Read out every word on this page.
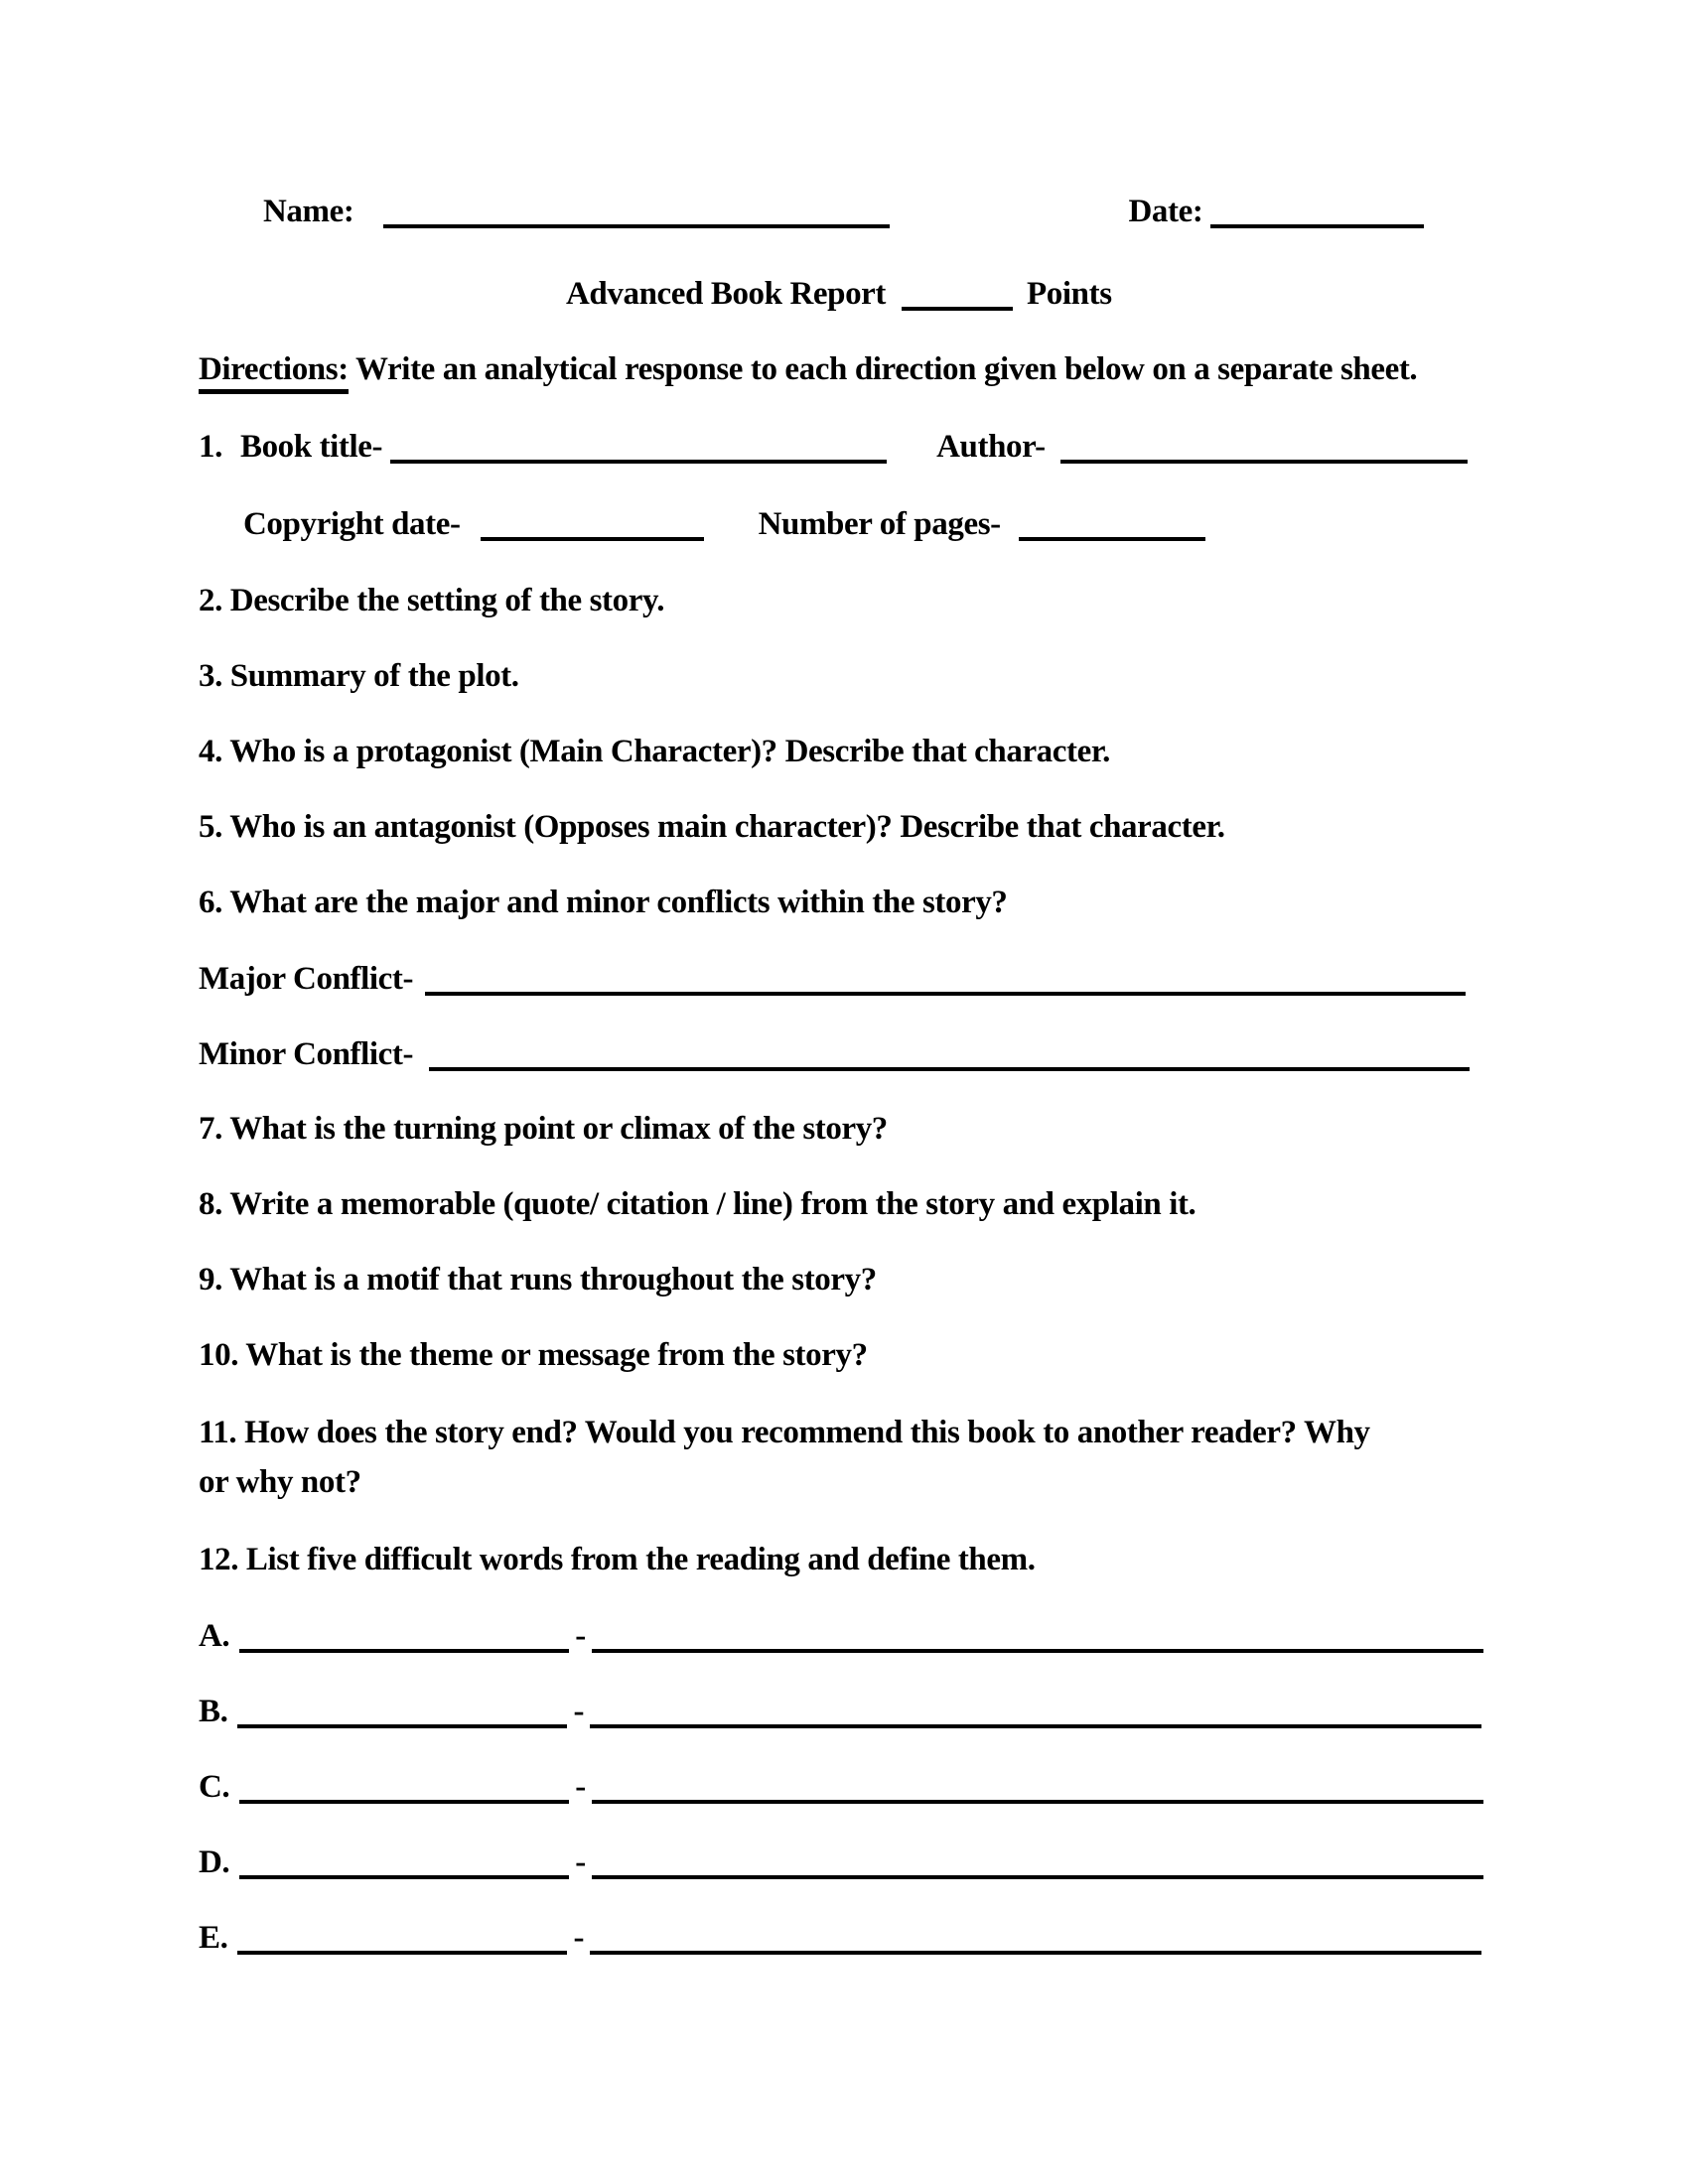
Name:	Date:
Advanced Book Report	Points
Directions: Write an analytical response to each direction given below on a separate sheet.
1. Book title-	Author-
Copyright date-	Number of pages-
2. Describe the setting of the story.
3. Summary of the plot.
4. Who is a protagonist (Main Character)? Describe that character.
5. Who is an antagonist (Opposes main character)? Describe that character.
6. What are the major and minor conflicts within the story?
Major Conflict-
Minor Conflict-
7. What is the turning point or climax of the story?
8. Write a memorable (quote/ citation / line) from the story and explain it.
9. What is a motif that runs throughout the story?
10. What is the theme or message from the story?
11. How does the story end? Would you recommend this book to another reader? Why or why not?
12. List five difficult words from the reading and define them.
A.	-
B.	-
C.	-
D.	-
E.	-
